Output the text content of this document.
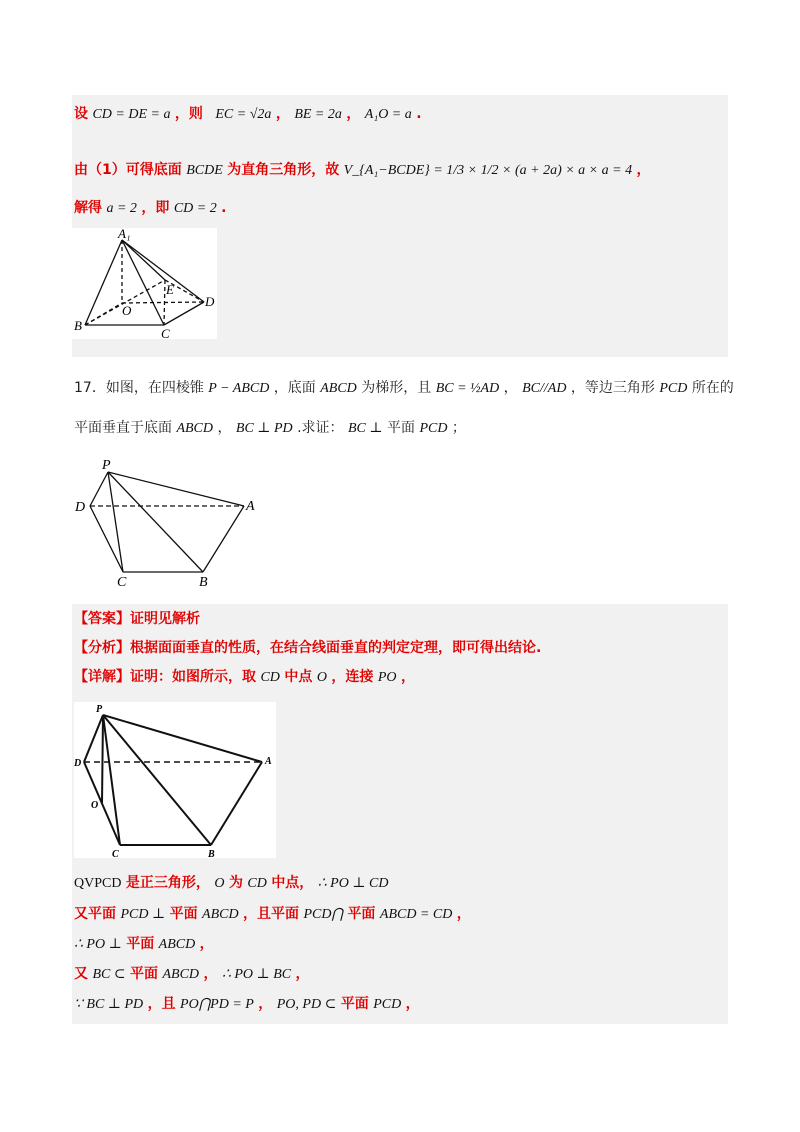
设 CD = DE = a ，则 EC = √2a ， BE = 2a ， A₁O = a .
由（1）可得底面 BCDE 为直角三角形，故 V_{A₁−BCDE} = 1/3 × 1/2 × (a + 2a) × a × a = 4 ，
解得 a = 2 ，即 CD = 2 .
A₁
E
O
B
C
D
17．如图，在四棱锥 P − ABCD ，底面 ABCD 为梯形，且 BC = ½AD ， BC//AD ，等边三角形 PCD 所在的
平面垂直于底面 ABCD ， BC ⊥ PD .求证： BC ⊥ 平面 PCD ；
P
D	A
C	B
【答案】证明见解析
【分析】根据面面垂直的性质，在结合线面垂直的判定定理，即可得出结论.
【详解】证明：如图所示，取 CD 中点 O ，连接 PO ，
P
D	A
O
C	B
QVPCD 是正三角形， O 为 CD 中点， ∴ PO ⊥ CD
又平面 PCD ⊥ 平面 ABCD ，且平面 PCD⋂ 平面 ABCD = CD ，
∴ PO ⊥ 平面 ABCD ，
又 BC ⊂ 平面 ABCD ， ∴ PO ⊥ BC ，
∵ BC ⊥ PD ，且 PO⋂PD = P ， PO, PD ⊂ 平面 PCD ，
